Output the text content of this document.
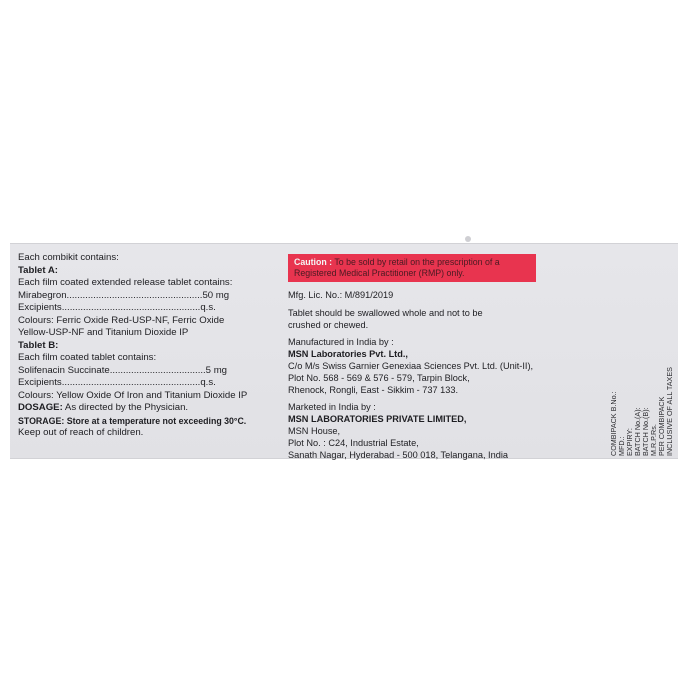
Each combikit contains:
Tablet A:
Each film coated extended release tablet contains:
Mirabegron...................................................50 mg
Excipients....................................................q.s.
Colours: Ferric Oxide Red-USP-NF, Ferric Oxide
Yellow-USP-NF and Titanium Dioxide IP
Tablet B:
Each film coated tablet contains:
Solifenacin Succinate....................................5 mg
Excipients....................................................q.s.
Colours: Yellow Oxide Of Iron and Titanium Dioxide IP
DOSAGE: As directed by the Physician.
STORAGE: Store at a temperature not exceeding 30°C.
Keep out of reach of children.
Caution : To be sold by retail on the prescription of a Registered Medical Practitioner (RMP) only.
Mfg. Lic. No.: M/891/2019
Tablet should be swallowed whole and not to be
crushed or chewed.
Manufactured in India by :
MSN Laboratories Pvt. Ltd.,
C/o M/s Swiss Garnier Genexiaa Sciences Pvt. Ltd. (Unit-II),
Plot No. 568 - 569 & 576 - 579, Tarpin Block,
Rhenock, Rongli, East - Sikkim - 737 133.
Marketed in India by :
MSN LABORATORIES PRIVATE LIMITED,
MSN House,
Plot No. : C24, Industrial Estate,
Sanath Nagar, Hyderabad - 500 018, Telangana, India	COMBIPACK B.No.: MFD.: EXPIRY: BATCH No.(A): BATCH No.(B): M.R.P.Rs. PER COMBIPACK INCLUSIVE OF ALL TAXES
